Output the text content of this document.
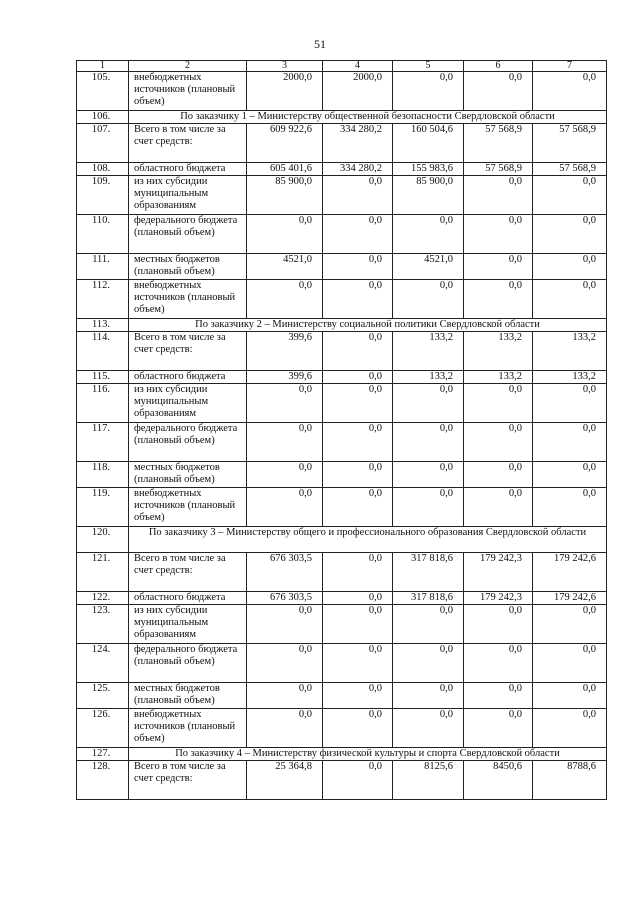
51
1	2	3	4	5	6	7
105.	внебюджетных источников (плановый объем)	2000,0	2000,0	0,0	0,0	0,0
106.	По заказчику 1 – Министерству общественной безопасности Свердловской области					
107.	Всего в том числе за счет средств:	609 922,6	334 280,2	160 504,6	57 568,9	57 568,9
108.	областного бюджета	605 401,6	334 280,2	155 983,6	57 568,9	57 568,9
109.	из них субсидии муниципальным образованиям	85 900,0	0,0	85 900,0	0,0	0,0
110.	федерального бюджета (плановый объем)	0,0	0,0	0,0	0,0	0,0
111.	местных бюджетов (плановый объем)	4521,0	0,0	4521,0	0,0	0,0
112.	внебюджетных источников (плановый объем)	0,0	0,0	0,0	0,0	0,0
113.	По заказчику 2 – Министерству социальной политики Свердловской области					
114.	Всего в том числе за счет средств:	399,6	0,0	133,2	133,2	133,2
115.	областного бюджета	399,6	0,0	133,2	133,2	133,2
116.	из них субсидии муниципальным образованиям	0,0	0,0	0,0	0,0	0,0
117.	федерального бюджета (плановый объем)	0,0	0,0	0,0	0,0	0,0
118.	местных бюджетов (плановый объем)	0,0	0,0	0,0	0,0	0,0
119.	внебюджетных источников (плановый объем)	0,0	0,0	0,0	0,0	0,0
120.	По заказчику 3 – Министерству общего и профессионального образования Свердловской области					
121.	Всего в том числе за счет средств:	676 303,5	0,0	317 818,6	179 242,3	179 242,6
122.	областного бюджета	676 303,5	0,0	317 818,6	179 242,3	179 242,6
123.	из них субсидии муниципальным образованиям	0,0	0,0	0,0	0,0	0,0
124.	федерального бюджета (плановый объем)	0,0	0,0	0,0	0,0	0,0
125.	местных бюджетов (плановый объем)	0,0	0,0	0,0	0,0	0,0
126.	внебюджетных источников (плановый объем)	0,0	0,0	0,0	0,0	0,0
127.	По заказчику 4 – Министерству физической культуры и спорта Свердловской области					
128.	Всего в том числе за счет средств:	25 364,8	0,0	8125,6	8450,6	8788,6
